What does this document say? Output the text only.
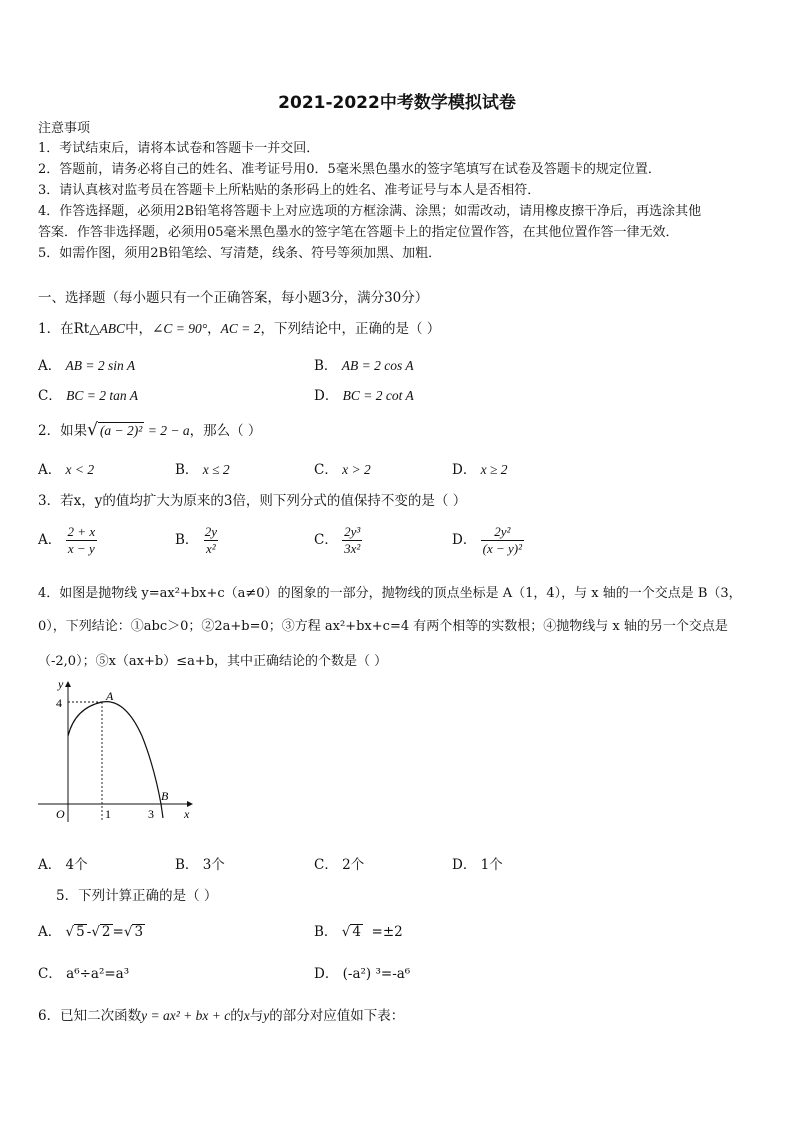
2021-2022中考数学模拟试卷
注意事项
1．考试结束后，请将本试卷和答题卡一并交回．
2．答题前，请务必将自己的姓名、准考证号用0．5毫米黑色墨水的签字笔填写在试卷及答题卡的规定位置．
3．请认真核对监考员在答题卡上所粘贴的条形码上的姓名、准考证号与本人是否相符．
4．作答选择题，必须用2B铅笔将答题卡上对应选项的方框涂满、涂黑；如需改动，请用橡皮擦干净后，再选涂其他
答案．作答非选择题，必须用05毫米黑色墨水的签字笔在答题卡上的指定位置作答，在其他位置作答一律无效．
5．如需作图，须用2B铅笔绘、写清楚，线条、符号等须加黑、加粗．
一、选择题（每小题只有一个正确答案，每小题3分，满分30分）
1．在Rt△ABC中，∠C = 90°，AC = 2，下列结论中，正确的是（ ）
A． AB = 2 sin A	B． AB = 2 cos A
C． BC = 2 tan A	D． BC = 2 cot A
2．如果√ (a − 2)² = 2 − a，那么（ ）
A． x < 2	B． x ≤ 2	C． x > 2	D． x ≥ 2
3．若x，y的值均扩大为原来的3倍，则下列分式的值保持不变的是（ ）
A． $\frac{2 + x}{x - y}$	B． $\frac{2y}{\text{x²}}$	C． $\frac{\text{2y³}}{\text{3x²}}$	D． $\frac{\text{2y²}}{\text{(x − y)²}}$
4．如图是抛物线 y=ax²+bx+c（a≠0）的图象的一部分，抛物线的顶点坐标是 A（1，4），与 x 轴的一个交点是 B（3，
0），下列结论：①abc＞0；②2a+b=0；③方程 ax²+bx+c=4 有两个相等的实数根；④抛物线与 x 轴的另一个交点是
（-2,0）；⑤x（ax+b）≤a+b，其中正确结论的个数是（ ）
y
x
O
4
1	3
A
B
A． 4个	B． 3个	C． 2个	D． 1个
5．下列计算正确的是（ ）
A． √ 5 -√ 2 =√ 3	B． √ 4 =±2
C． a⁶÷a²=a³	D． (-a²) ³=-a⁶
6．已知二次函数y = ax² + bx + c的x与y的部分对应值如下表：
